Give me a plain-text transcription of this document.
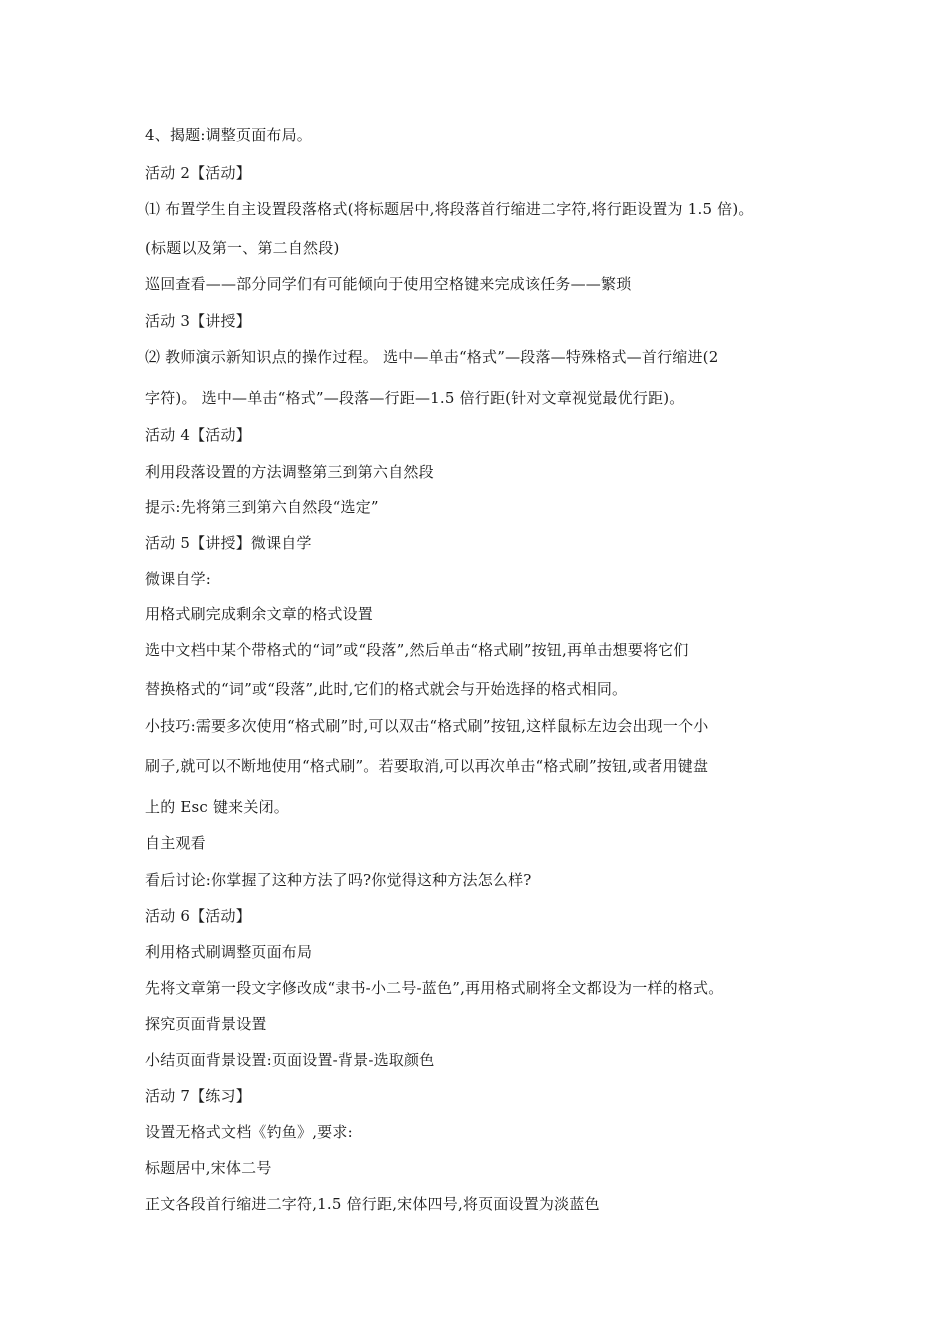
4、揭题:调整页面布局。
活动 2【活动】
⑴ 布置学生自主设置段落格式(将标题居中,将段落首行缩进二字符,将行距设置为 1.5 倍)。
(标题以及第一、第二自然段)
巡回查看——部分同学们有可能倾向于使用空格键来完成该任务——繁琐
活动 3【讲授】
⑵ 教师演示新知识点的操作过程。 选中—单击“格式”—段落—特殊格式—首行缩进(2
字符)。 选中—单击“格式”—段落—行距—1.5 倍行距(针对文章视觉最优行距)。
活动 4【活动】
利用段落设置的方法调整第三到第六自然段
提示:先将第三到第六自然段“选定”
活动 5【讲授】微课自学
微课自学:
用格式刷完成剩余文章的格式设置
选中文档中某个带格式的“词”或“段落”,然后单击“格式刷”按钮,再单击想要将它们
替换格式的“词”或“段落”,此时,它们的格式就会与开始选择的格式相同。
小技巧:需要多次使用“格式刷”时,可以双击“格式刷”按钮,这样鼠标左边会出现一个小
刷子,就可以不断地使用“格式刷”。若要取消,可以再次单击“格式刷”按钮,或者用键盘
上的 Esc 键来关闭。
自主观看
看后讨论:你掌握了这种方法了吗?你觉得这种方法怎么样?
活动 6【活动】
利用格式刷调整页面布局
先将文章第一段文字修改成“隶书-小二号-蓝色”,再用格式刷将全文都设为一样的格式。
探究页面背景设置
小结页面背景设置:页面设置-背景-选取颜色
活动 7【练习】
设置无格式文档《钓鱼》,要求:
标题居中,宋体二号
正文各段首行缩进二字符,1.5 倍行距,宋体四号,将页面设置为淡蓝色
